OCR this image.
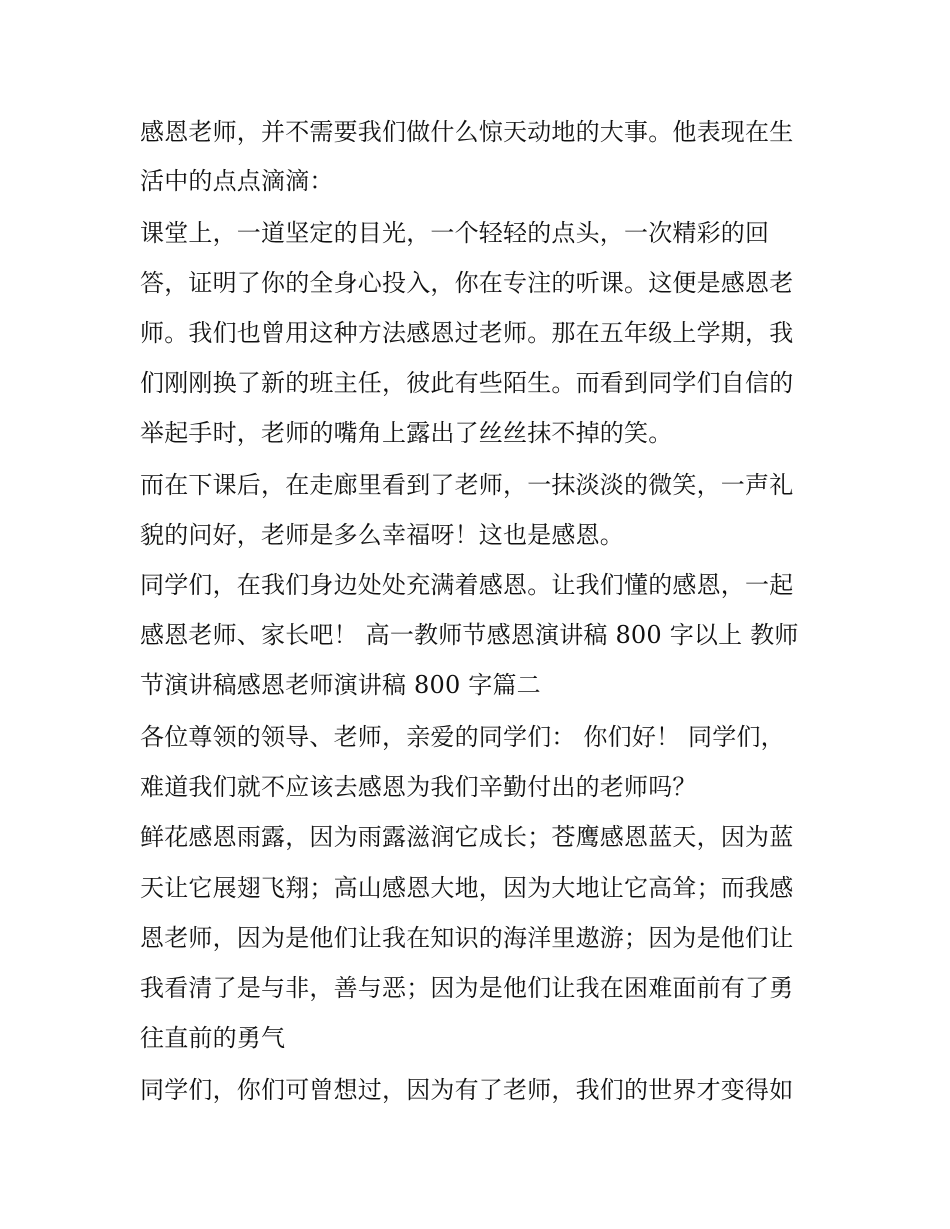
感恩老师，并不需要我们做什么惊天动地的大事。他表现在生
活中的点点滴滴：
课堂上，一道坚定的目光，一个轻轻的点头，一次精彩的回
答，证明了你的全身心投入，你在专注的听课。这便是感恩老
师。我们也曾用这种方法感恩过老师。那在五年级上学期，我
们刚刚换了新的班主任，彼此有些陌生。而看到同学们自信的
举起手时，老师的嘴角上露出了丝丝抹不掉的笑。
而在下课后，在走廊里看到了老师，一抹淡淡的微笑，一声礼
貌的问好，老师是多么幸福呀！这也是感恩。
同学们，在我们身边处处充满着感恩。让我们懂的感恩，一起
感恩老师、家长吧！ 高一教师节感恩演讲稿 800 字以上 教师
节演讲稿感恩老师演讲稿 800 字篇二
各位尊领的领导、老师，亲爱的同学们： 你们好！ 同学们，
难道我们就不应该去感恩为我们辛勤付出的老师吗？
鲜花感恩雨露，因为雨露滋润它成长；苍鹰感恩蓝天，因为蓝
天让它展翅飞翔；高山感恩大地，因为大地让它高耸；而我感
恩老师，因为是他们让我在知识的海洋里遨游；因为是他们让
我看清了是与非，善与恶；因为是他们让我在困难面前有了勇
往直前的勇气
同学们，你们可曾想过，因为有了老师，我们的世界才变得如
